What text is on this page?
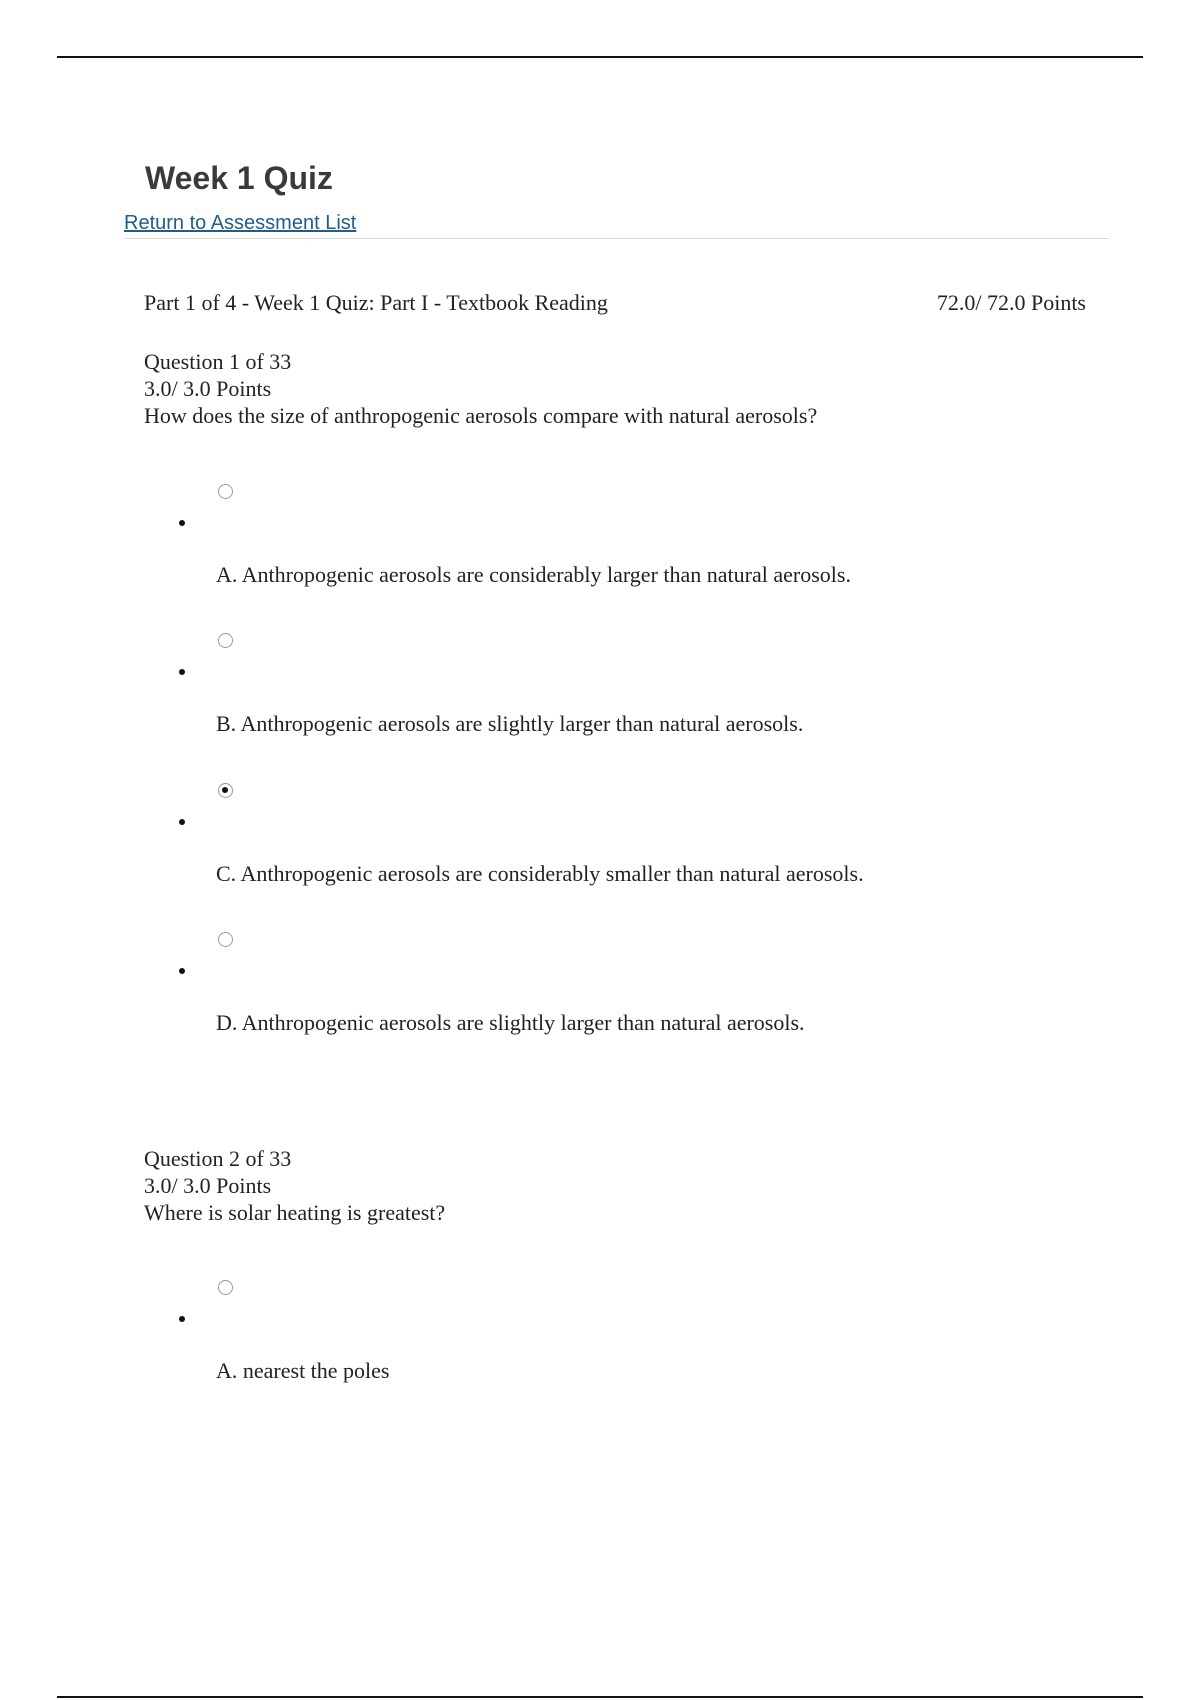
Week 1 Quiz
Return to Assessment List
Part 1 of 4 - Week 1 Quiz: Part I - Textbook Reading	72.0/ 72.0 Points
Question 1 of 33
3.0/ 3.0 Points
How does the size of anthropogenic aerosols compare with natural aerosols?
A. Anthropogenic aerosols are considerably larger than natural aerosols.
B. Anthropogenic aerosols are slightly larger than natural aerosols.
C. Anthropogenic aerosols are considerably smaller than natural aerosols.
D. Anthropogenic aerosols are slightly larger than natural aerosols.
Question 2 of 33
3.0/ 3.0 Points
Where is solar heating is greatest?
A. nearest the poles
